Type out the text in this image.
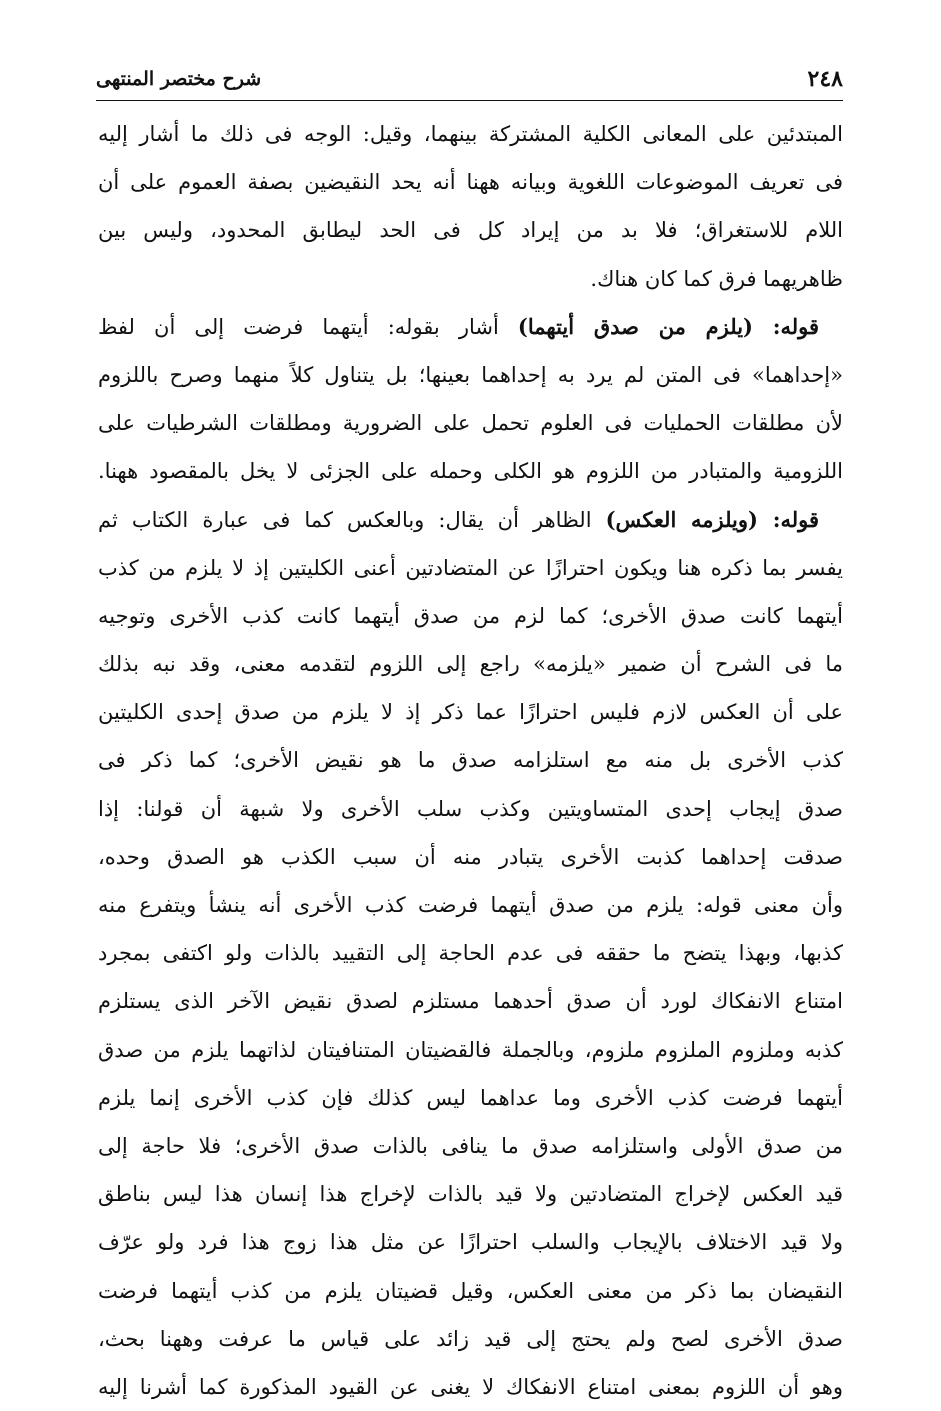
٢٤٨
شرح مختصر المنتهى
المبتدئين على المعانى الكلية المشتركة بينهما، وقيل: الوجه فى ذلك ما أشار إليه
فى تعريف الموضوعات اللغوية وبيانه ههنا أنه يحد النقيضين بصفة العموم على أن
اللام للاستغراق؛ فلا بد من إيراد كل فى الحد ليطابق المحدود، وليس بين
ظاهريهما فرق كما كان هناك.
قوله: (يلزم من صدق أيتهما) أشار بقوله: أيتهما فرضت إلى أن لفظ
«إحداهما» فى المتن لم يرد به إحداهما بعينها؛ بل يتناول كلاً منهما وصرح باللزوم
لأن مطلقات الحمليات فى العلوم تحمل على الضرورية ومطلقات الشرطيات على
اللزومية والمتبادر من اللزوم هو الكلى وحمله على الجزئى لا يخل بالمقصود ههنا.
قوله: (ويلزمه العكس) الظاهر أن يقال: وبالعكس كما فى عبارة الكتاب ثم
يفسر بما ذكره هنا ويكون احترازًا عن المتضادتين أعنى الكليتين إذ لا يلزم من كذب
أيتهما كانت صدق الأخرى؛ كما لزم من صدق أيتهما كانت كذب الأخرى وتوجيه
ما فى الشرح أن ضمير «يلزمه» راجع إلى اللزوم لتقدمه معنى، وقد نبه بذلك
على أن العكس لازم فليس احترازًا عما ذكر إذ لا يلزم من صدق إحدى الكليتين
كذب الأخرى بل منه مع استلزامه صدق ما هو نقيض الأخرى؛ كما ذكر فى
صدق إيجاب إحدى المتساويتين وكذب سلب الأخرى ولا شبهة أن قولنا: إذا
صدقت إحداهما كذبت الأخرى يتبادر منه أن سبب الكذب هو الصدق وحده،
وأن معنى قوله: يلزم من صدق أيتهما فرضت كذب الأخرى أنه ينشأ ويتفرع منه
كذبها، وبهذا يتضح ما حققه فى عدم الحاجة إلى التقييد بالذات ولو اكتفى بمجرد
امتناع الانفكاك لورد أن صدق أحدهما مستلزم لصدق نقيض الآخر الذى يستلزم
كذبه وملزوم الملزوم ملزوم، وبالجملة فالقضيتان المتنافيتان لذاتهما يلزم من صدق
أيتهما فرضت كذب الأخرى وما عداهما ليس كذلك فإن كذب الأخرى إنما يلزم
من صدق الأولى واستلزامه صدق ما ينافى بالذات صدق الأخرى؛ فلا حاجة إلى
قيد العكس لإخراج المتضادتين ولا قيد بالذات لإخراج هذا إنسان هذا ليس بناطق
ولا قيد الاختلاف بالإيجاب والسلب احترازًا عن مثل هذا زوج هذا فرد ولو عرّف
النقيضان بما ذكر من معنى العكس، وقيل قضيتان يلزم من كذب أيتهما فرضت
صدق الأخرى لصح ولم يحتج إلى قيد زائد على قياس ما عرفت وههنا بحث،
وهو أن اللزوم بمعنى امتناع الانفكاك لا يغنى عن القيود المذكورة كما أشرنا إليه
